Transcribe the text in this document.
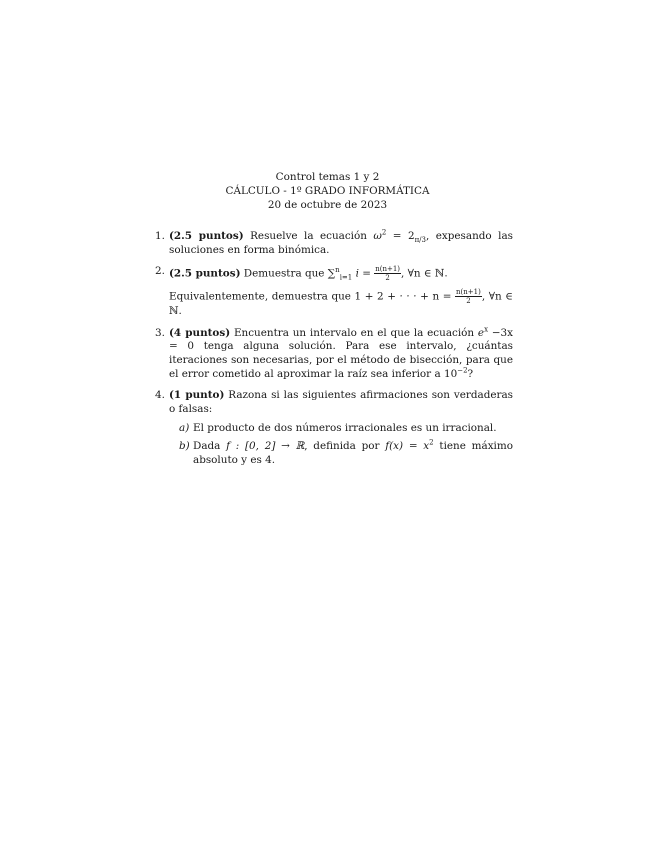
Control temas 1 y 2
CÁLCULO - 1º GRADO INFORMÁTICA
20 de octubre de 2023
1. (2.5 puntos) Resuelve la ecuación $\omega^2 = 2_{\pi/3}$, expesando las soluciones en forma binómica.
2. (2.5 puntos) Demuestra que ∑$^n_{i=1}$ $i = \frac{n(n+1)}{2}$ , ∀n ∈ ℕ.
Equivalentemente, demuestra que 1 + 2 + · · · + $n = \frac{n(n+1)}{2}$ , ∀n ∈ ℕ.
3. (4 puntos) Encuentra un intervalo en el que la ecuación $e^x -3x = 0$ tenga alguna solución. Para ese intervalo, ¿cuántas iteraciones son necesarias, por el método de bisección, para que el error cometido al aproximar la raíz sea inferior a $10^{-2}$?
4. (1 punto) Razona si las siguientes afirmaciones son verdaderas o falsas:
a) El producto de dos números irracionales es un irracional.
b) Dada f : [0, 2] → ℝ, definida por $f(x) = x^2$ tiene máximo absoluto y es 4.
